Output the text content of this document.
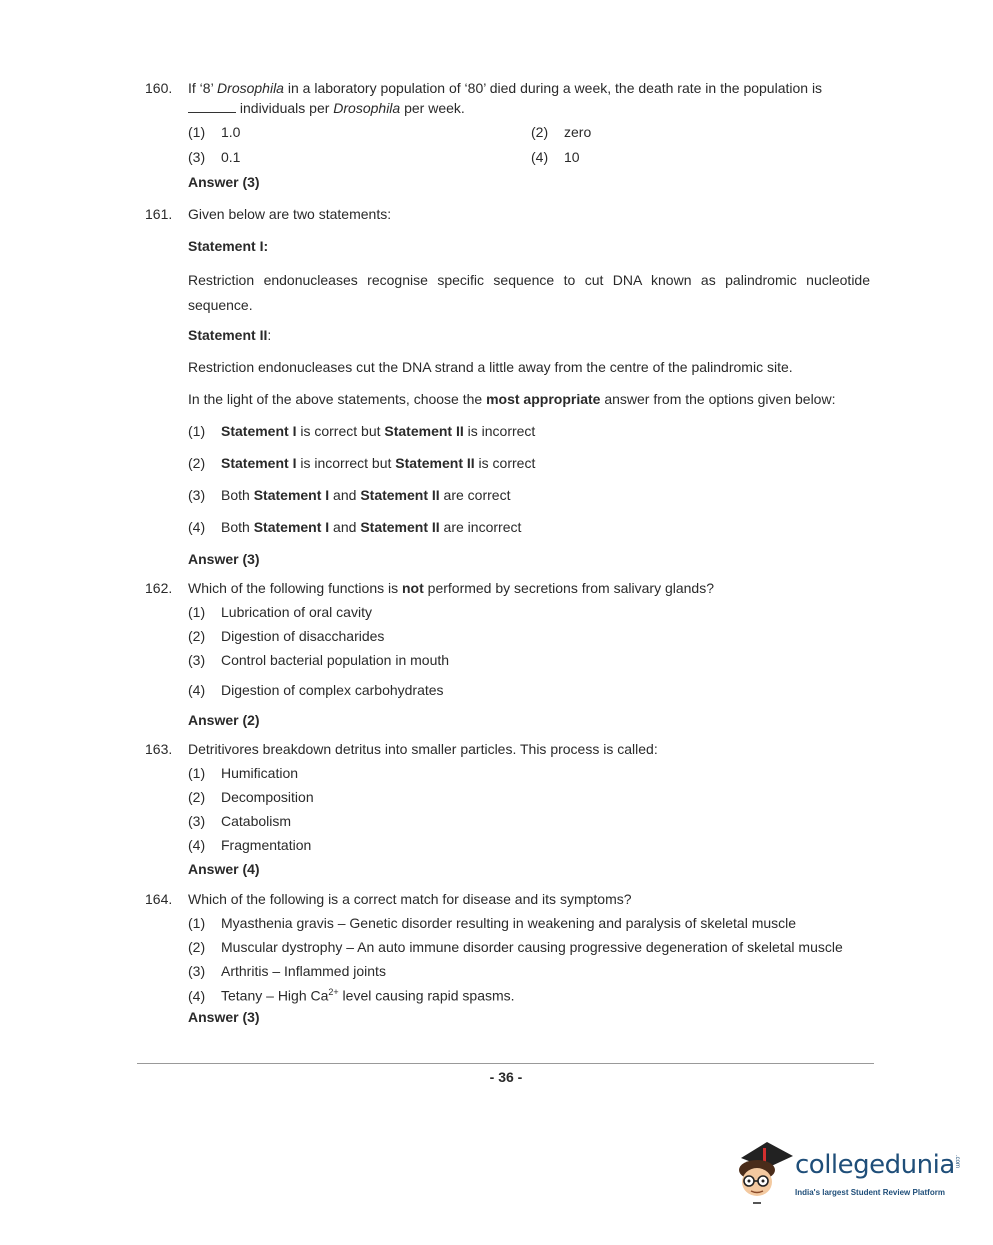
160. If ‘8’ Drosophila in a laboratory population of ‘80’ died during a week, the death rate in the population is
individuals per Drosophila per week.
(1) 1.0	(2) zero
(3) 0.1	(4) 10
Answer (3)
161. Given below are two statements:
Statement I:
Restriction endonucleases recognise specific sequence to cut DNA known as palindromic nucleotide sequence.
Statement II:
Restriction endonucleases cut the DNA strand a little away from the centre of the palindromic site.
In the light of the above statements, choose the most appropriate answer from the options given below:
(1) Statement I is correct but Statement II is incorrect
(2) Statement I is incorrect but Statement II is correct
(3) Both Statement I and Statement II are correct
(4) Both Statement I and Statement II are incorrect
Answer (3)
162. Which of the following functions is not performed by secretions from salivary glands?
(1) Lubrication of oral cavity
(2) Digestion of disaccharides
(3) Control bacterial population in mouth
(4) Digestion of complex carbohydrates
Answer (2)
163. Detritivores breakdown detritus into smaller particles. This process is called:
(1) Humification
(2) Decomposition
(3) Catabolism
(4) Fragmentation
Answer (4)
164. Which of the following is a correct match for disease and its symptoms?
(1) Myasthenia gravis – Genetic disorder resulting in weakening and paralysis of skeletal muscle
(2) Muscular dystrophy – An auto immune disorder causing progressive degeneration of skeletal muscle
(3) Arthritis – Inflammed joints
(4) Tetany – High $Ca^{2+}$ level causing rapid spasms.
Answer (3)
- 36 -
collegedunia .com
India's largest Student Review Platform
